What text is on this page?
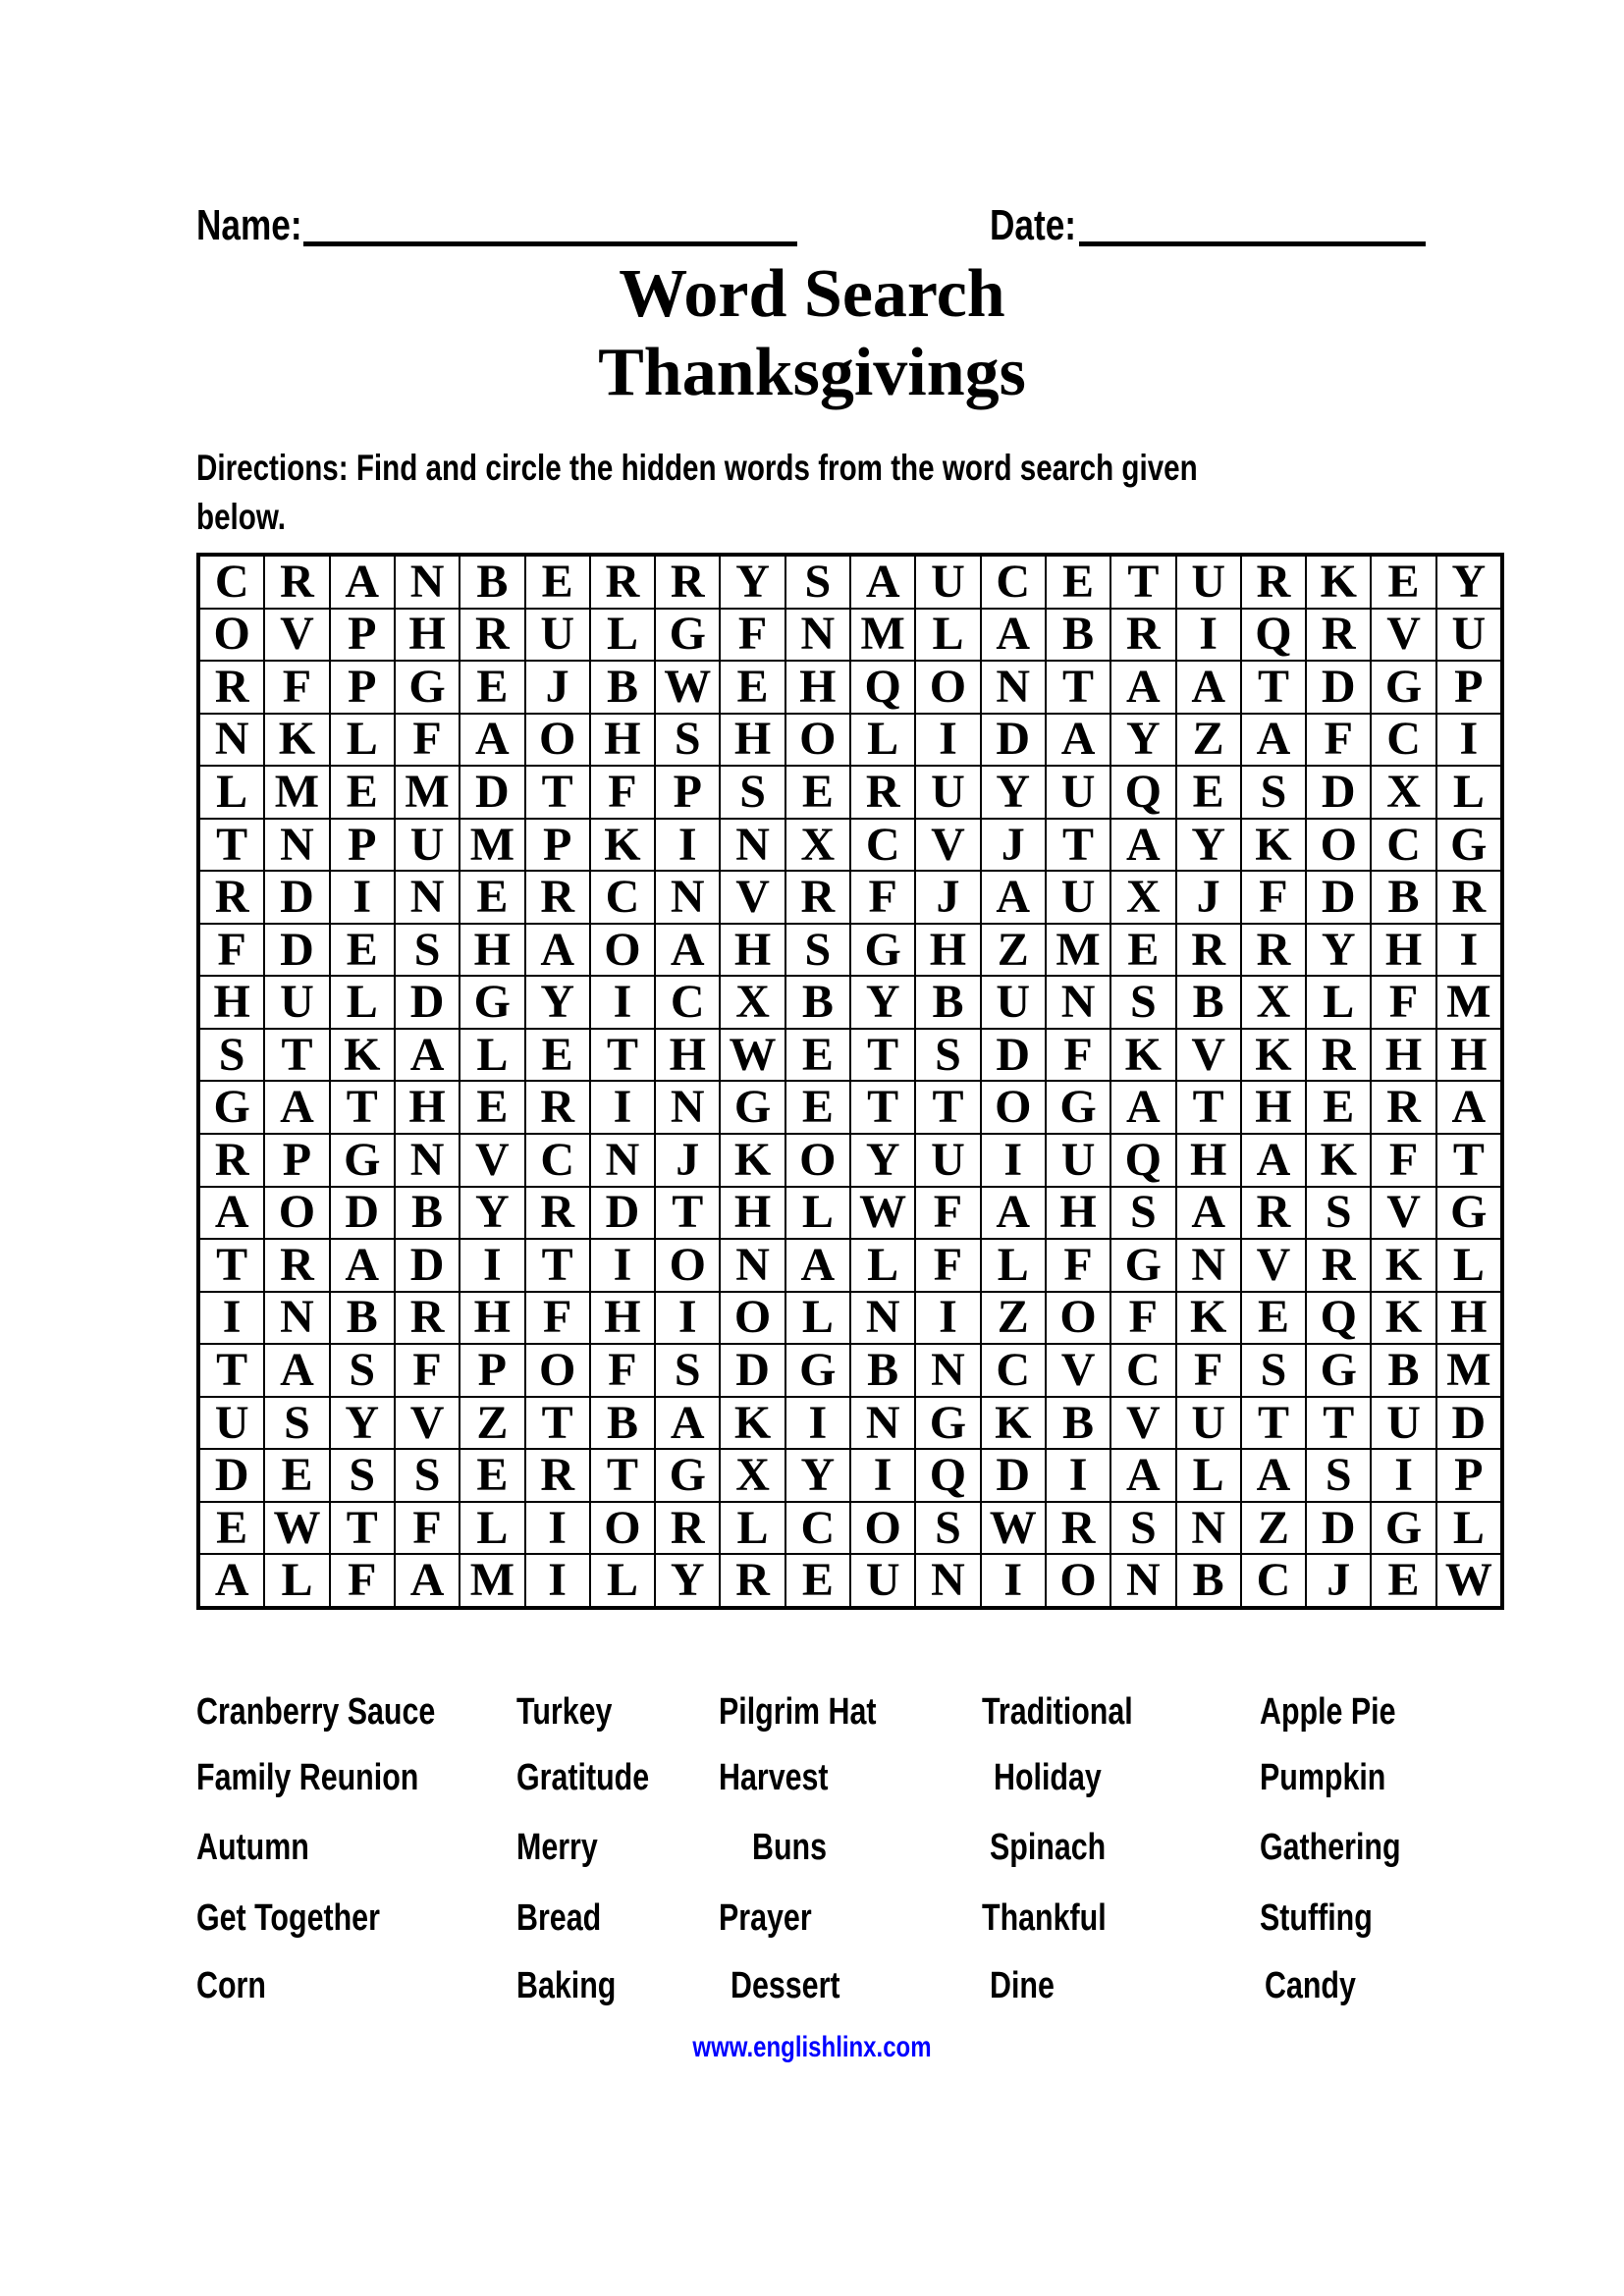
Name:	Date:
Word Search
Thanksgivings
Directions: Find and circle the hidden words from the word search given
below.
C R A N B E R R Y S A U C E T U R K E Y
O V P H R U L G F N M L A B R I Q R V U
R F P G E J B W E H Q O N T A A T D G P
N K L F A O H S H O L I D A Y Z A F C I
L M E M D T F P S E R U Y U Q E S D X L
T N P U M P K I N X C V J T A Y K O C G
R D I N E R C N V R F J A U X J F D B R
F D E S H A O A H S G H Z M E R R Y H I
H U L D G Y I C X B Y B U N S B X L F M
S T K A L E T H W E T S D F K V K R H H
G A T H E R I N G E T T O G A T H E R A
R P G N V C N J K O Y U I U Q H A K F T
A O D B Y R D T H L W F A H S A R S V G
T R A D I T I O N A L F L F G N V R K L
I N B R H F H I O L N I Z O F K E Q K H
T A S F P O F S D G B N C V C F S G B M
U S Y V Z T B A K I N G K B V U T T U D
D E S S E R T G X Y I Q D I A L A S I P
E W T F L I O R L C O S W R S N Z D G L
A L F A M I L Y R E U N I O N B C J E W
Cranberry Sauce	Turkey	Pilgrim Hat	Traditional	Apple Pie
Family Reunion	Gratitude	Harvest	Holiday	Pumpkin
Autumn	Merry	Buns	Spinach	Gathering
Get Together	Bread	Prayer	Thankful	Stuffing
Corn	Baking	Dessert	Dine	Candy
www.englishlinx.com
